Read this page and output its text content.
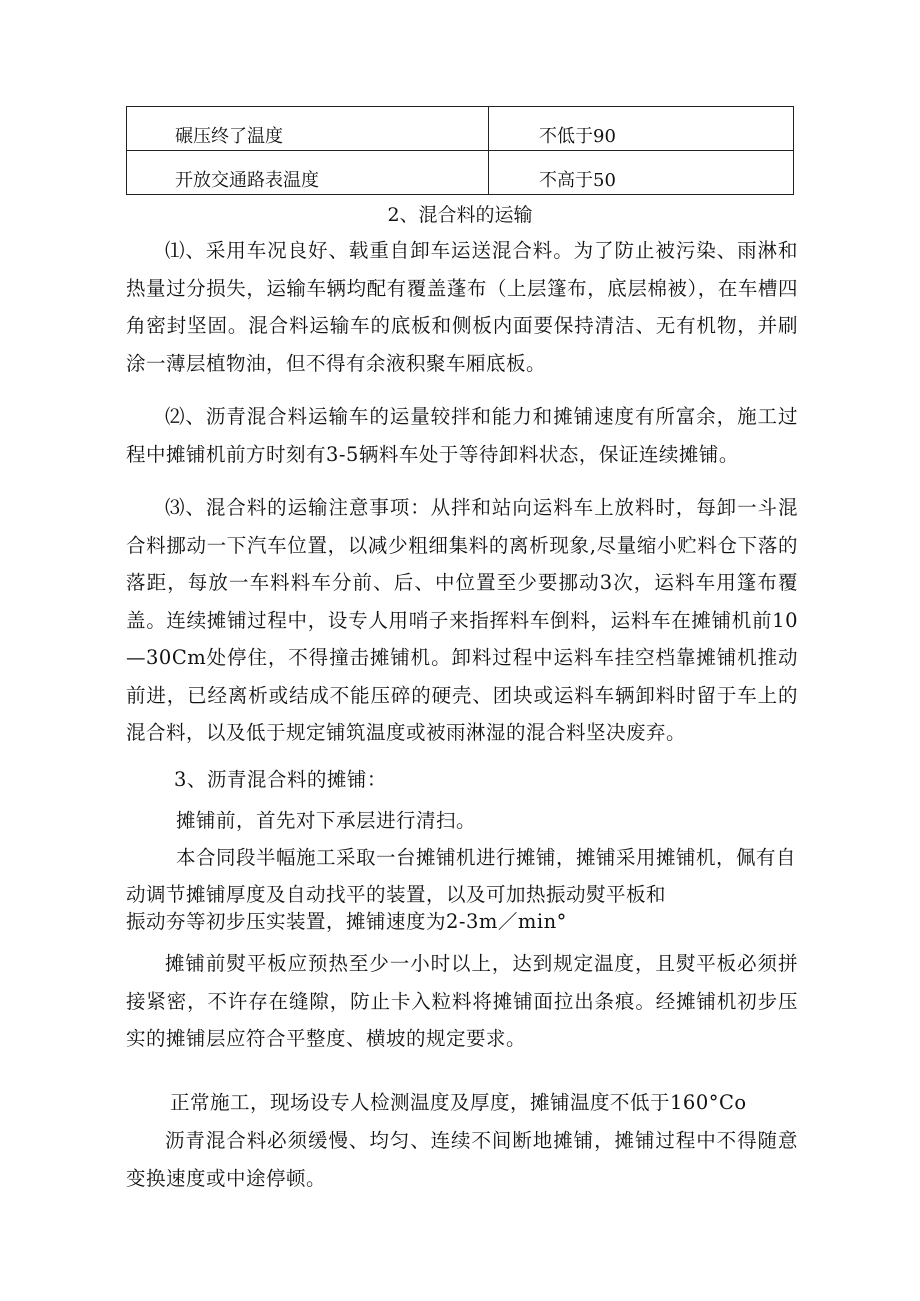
碾压终了温度	不低于90
开放交通路表温度	不高于50
2、混合料的运输
⑴、采用车况良好、载重自卸车运送混合料。为了防止被污染、雨淋和热量过分损失，运输车辆均配有覆盖蓬布（上层篷布，底层棉被），在车槽四角密封坚固。混合料运输车的底板和侧板内面要保持清洁、无有机物，并刷涂一薄层植物油，但不得有余液积聚车厢底板。
⑵、沥青混合料运输车的运量较拌和能力和摊铺速度有所富余，施工过程中摊铺机前方时刻有3-5辆料车处于等待卸料状态，保证连续摊铺。
⑶、混合料的运输注意事项：从拌和站向运料车上放料时，每卸一斗混合料挪动一下汽车位置，以减少粗细集料的离析现象,尽量缩小贮料仓下落的落距，每放一车料料车分前、后、中位置至少要挪动3次，运料车用篷布覆盖。连续摊铺过程中，设专人用哨子来指挥料车倒料，运料车在摊铺机前10—30Cm处停住，不得撞击摊铺机。卸料过程中运料车挂空档靠摊铺机推动前进，已经离析或结成不能压碎的硬壳、团块或运料车辆卸料时留于车上的混合料，以及低于规定铺筑温度或被雨淋湿的混合料坚决废弃。
3、沥青混合料的摊铺：
摊铺前，首先对下承层进行清扫。
本合同段半幅施工采取一台摊铺机进行摊铺，摊铺采用摊铺机，佩有自
动调节摊铺厚度及自动找平的装置，以及可加热振动熨平板和
振动夯等初步压实装置，摊铺速度为2-3m／min°
摊铺前熨平板应预热至少一小时以上，达到规定温度，且熨平板必须拼接紧密，不许存在缝隙，防止卡入粒料将摊铺面拉出条痕。经摊铺机初步压实的摊铺层应符合平整度、横坡的规定要求。
正常施工，现场设专人检测温度及厚度，摊铺温度不低于160°Co
沥青混合料必须缓慢、均匀、连续不间断地摊铺，摊铺过程中不得随意变换速度或中途停顿。
